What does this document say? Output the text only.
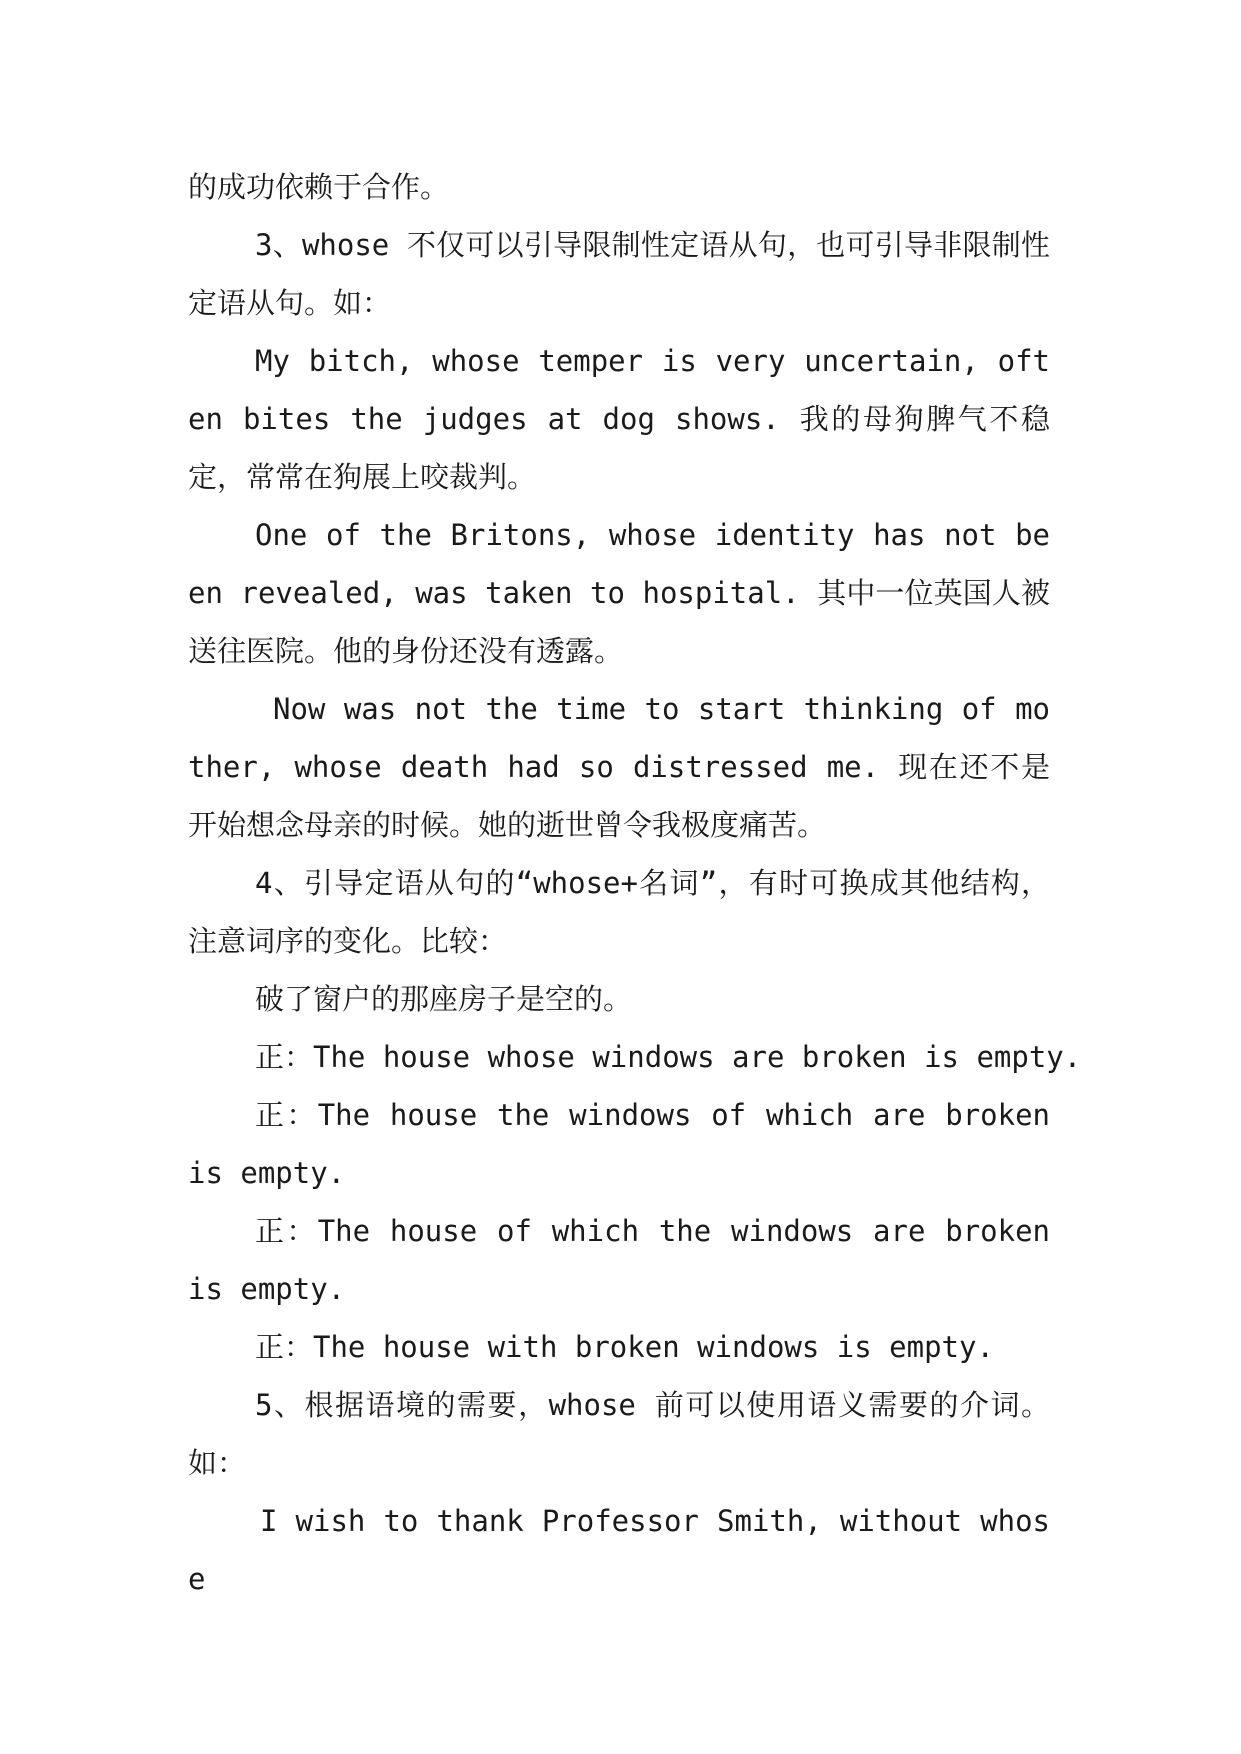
的成功依赖于合作。

3、whose 不仅可以引导限制性定语从句，也可引导非限制性定语从句。如：

My bitch, whose temper is very uncertain, often bites the judges at dog shows. 我的母狗脾气不稳定，常常在狗展上咬裁判。

One of the Britons, whose identity has not been revealed, was taken to hospital. 其中一位英国人被送往医院。他的身份还没有透露。

Now was not the time to start thinking of mother, whose death had so distressed me. 现在还不是开始想念母亲的时候。她的逝世曾令我极度痛苦。

4、引导定语从句的“whose+名词”，有时可换成其他结构，注意词序的变化。比较：

破了窗户的那座房子是空的。

正：The house whose windows are broken is empty.

正：The house the windows of which are broken is empty.

正：The house of which the windows are broken is empty.

正：The house with broken windows is empty.

5、根据语境的需要，whose 前可以使用语义需要的介词。如：

I wish to thank Professor Smith, without whose
